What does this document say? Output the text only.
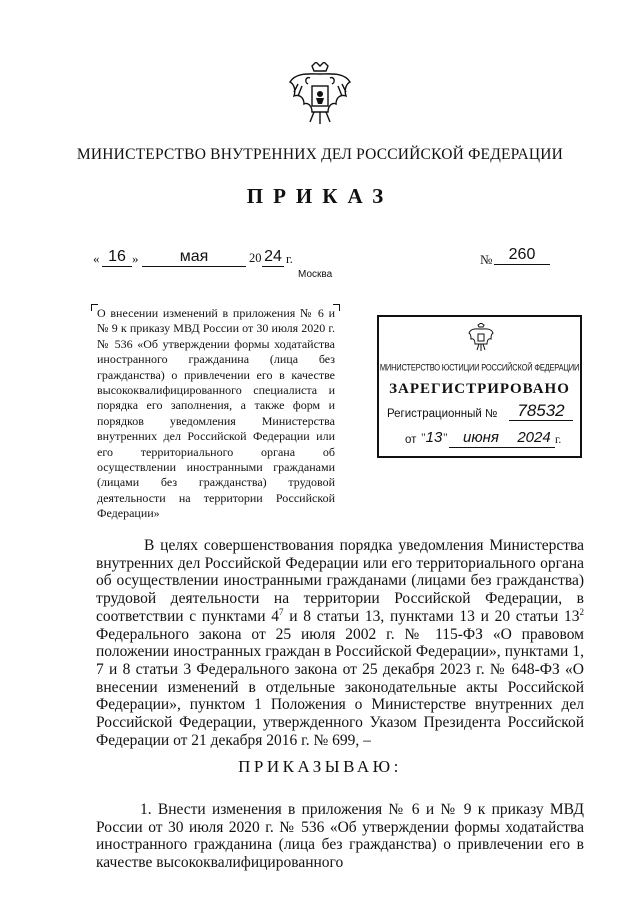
МИНИСТЕРСТВО ВНУТРЕННИХ ДЕЛ РОССИЙСКОЙ ФЕДЕРАЦИИ
ПРИКАЗ
« 16 »	мая	20 24 г.	№	260
Москва
О внесении изменений в приложения № 6 и № 9 к приказу МВД России от 30 июля 2020 г. № 536 «Об утверждении формы ходатайства иностранного гражданина (лица без гражданства) о привлечении его в качестве высококвалифицированного специалиста и порядка его заполнения, а также форм и порядков уведомления Министерства внутренних дел Российской Федерации или его территориального органа об осуществлении иностранными гражданами (лицами без гражданства) трудовой деятельности на территории Российской Федерации»
МИНИСТЕРСТВО ЮСТИЦИИ РОССИЙСКОЙ ФЕДЕРАЦИИ
ЗАРЕГИСТРИРОВАНО
Регистрационный №	78532
от " 13 "	июня	2024 г.
В целях совершенствования порядка уведомления Министерства внутренних дел Российской Федерации или его территориального органа об осуществлении иностранными гражданами (лицами без гражданства) трудовой деятельности на территории Российской Федерации, в соответствии с пунктами $4^7$ и 8 статьи 13, пунктами 13 и 20 статьи $13^2$ Федерального закона от 25 июля 2002 г. № 115-ФЗ «О правовом положении иностранных граждан в Российской Федерации», пунктами 1, 7 и 8 статьи 3 Федерального закона от 25 декабря 2023 г. № 648-ФЗ «О внесении изменений в отдельные законодательные акты Российской Федерации», пунктом 1 Положения о Министерстве внутренних дел Российской Федерации, утвержденного Указом Президента Российской Федерации от 21 декабря 2016 г. № 699, –
ПРИКАЗЫВАЮ:
1. Внести изменения в приложения № 6 и № 9 к приказу МВД России от 30 июля 2020 г. № 536 «Об утверждении формы ходатайства иностранного гражданина (лица без гражданства) о привлечении его в качестве высококвалифицированного
